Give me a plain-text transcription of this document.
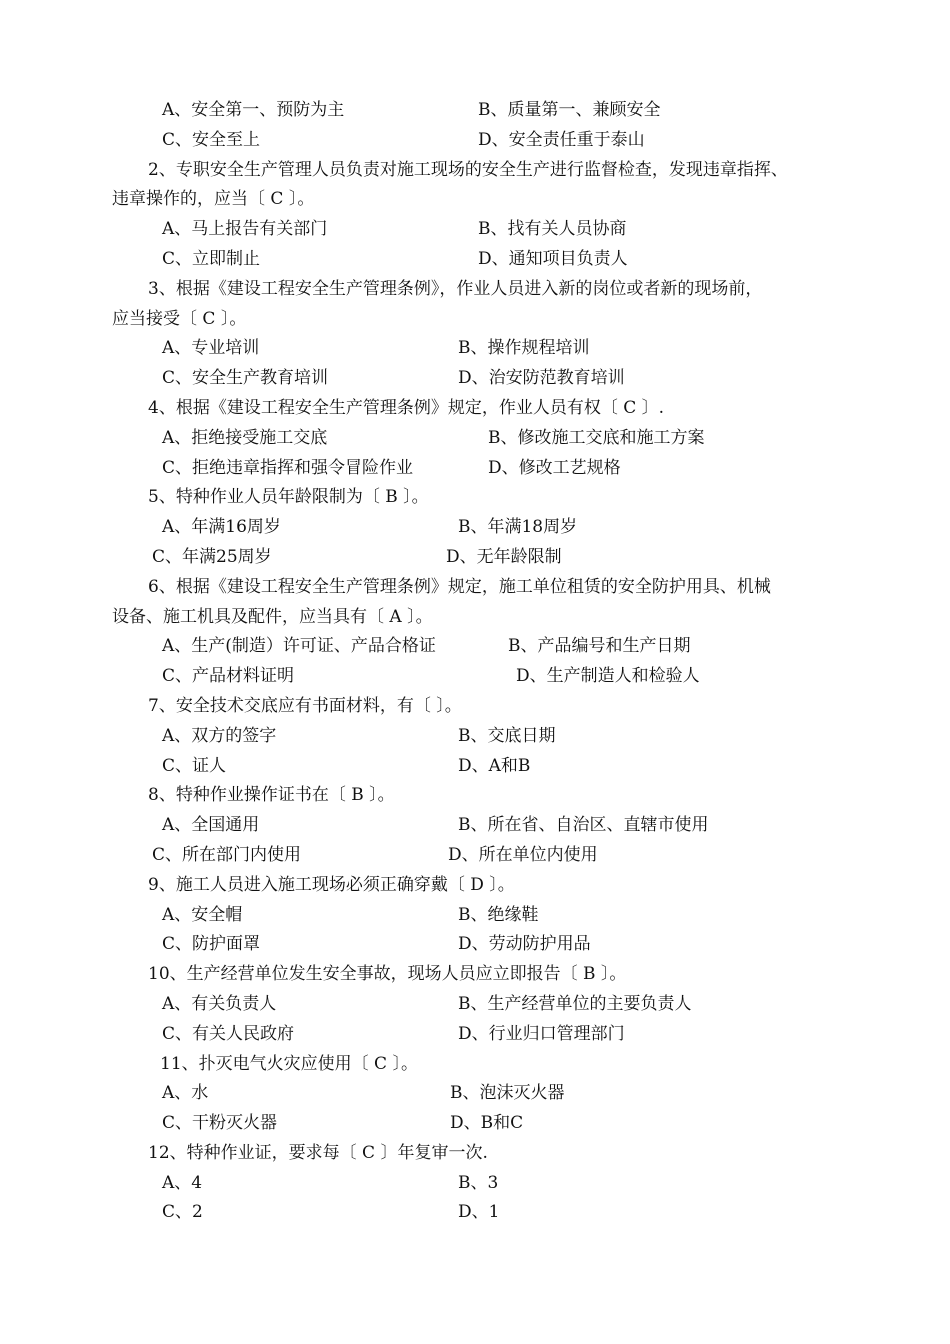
A、安全第一、预防为主	B、质量第一、兼顾安全
C、安全至上	D、安全责任重于泰山
2、专职安全生产管理人员负责对施工现场的安全生产进行监督检查，发现违章指挥、
违章操作的，应当〔 C 〕。
A、马上报告有关部门	B、找有关人员协商
C、立即制止	D、通知项目负责人
3、根据《建设工程安全生产管理条例》，作业人员进入新的岗位或者新的现场前，
应当接受〔 C 〕。
A、专业培训	B、操作规程培训
C、安全生产教育培训	D、治安防范教育培训
4、根据《建设工程安全生产管理条例》规定，作业人员有权〔 C 〕.
A、拒绝接受施工交底	B、修改施工交底和施工方案
C、拒绝违章指挥和强令冒险作业	D、修改工艺规格
5、特种作业人员年龄限制为〔 B 〕。
A、年满16周岁	B、年满18周岁
C、年满25周岁	D、无年龄限制
6、根据《建设工程安全生产管理条例》规定，施工单位租赁的安全防护用具、机械
设备、施工机具及配件，应当具有〔 A 〕。
A、生产(制造）许可证、产品合格证	B、产品编号和生产日期
C、产品材料证明	D、生产制造人和检验人
7、安全技术交底应有书面材料，有〔 〕。
A、双方的签字	B、交底日期
C、证人	D、A和B
8、特种作业操作证书在〔 B 〕。
A、全国通用	B、所在省、自治区、直辖市使用
C、所在部门内使用	D、所在单位内使用
9、施工人员进入施工现场必须正确穿戴〔 D 〕。
A、安全帽	B、绝缘鞋
C、防护面罩	D、劳动防护用品
10、生产经营单位发生安全事故，现场人员应立即报告〔 B 〕。
A、有关负责人	B、生产经营单位的主要负责人
C、有关人民政府	D、行业归口管理部门
11、扑灭电气火灾应使用〔 C 〕。
A、水	B、泡沫灭火器
C、干粉灭火器	D、B和C
12、特种作业证，要求每〔 C 〕年复审一次.
A、4	B、3
C、2	D、1
